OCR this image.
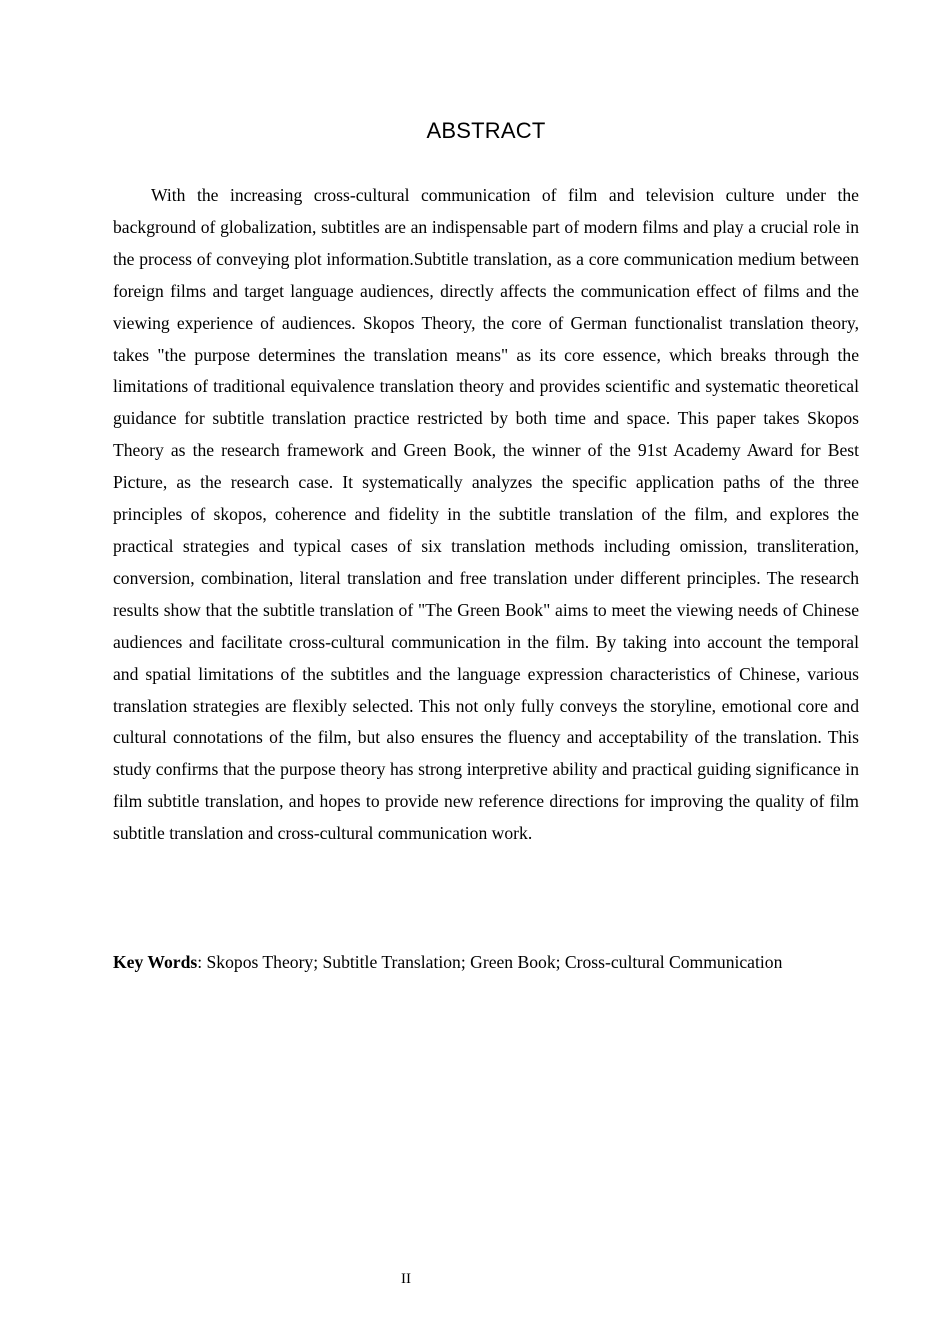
ABSTRACT

With the increasing cross-cultural communication of film and television culture under the background of globalization, subtitles are an indispensable part of modern films and play a crucial role in the process of conveying plot information.Subtitle translation, as a core communication medium between foreign films and target language audiences, directly affects the communication effect of films and the viewing experience of audiences. Skopos Theory, the core of German functionalist translation theory, takes "the purpose determines the translation means" as its core essence, which breaks through the limitations of traditional equivalence translation theory and provides scientific and systematic theoretical guidance for subtitle translation practice restricted by both time and space. This paper takes Skopos Theory as the research framework and Green Book, the winner of the 91st Academy Award for Best Picture, as the research case. It systematically analyzes the specific application paths of the three principles of skopos, coherence and fidelity in the subtitle translation of the film, and explores the practical strategies and typical cases of six translation methods including omission, transliteration, conversion, combination, literal translation and free translation under different principles. The research results show that the subtitle translation of "The Green Book" aims to meet the viewing needs of Chinese audiences and facilitate cross-cultural communication in the film. By taking into account the temporal and spatial limitations of the subtitles and the language expression characteristics of Chinese, various translation strategies are flexibly selected. This not only fully conveys the storyline, emotional core and cultural connotations of the film, but also ensures the fluency and acceptability of the translation. This study confirms that the purpose theory has strong interpretive ability and practical guiding significance in film subtitle translation, and hopes to provide new reference directions for improving the quality of film subtitle translation and cross-cultural communication work.

Key Words: Skopos Theory; Subtitle Translation; Green Book; Cross-cultural Communication

II
